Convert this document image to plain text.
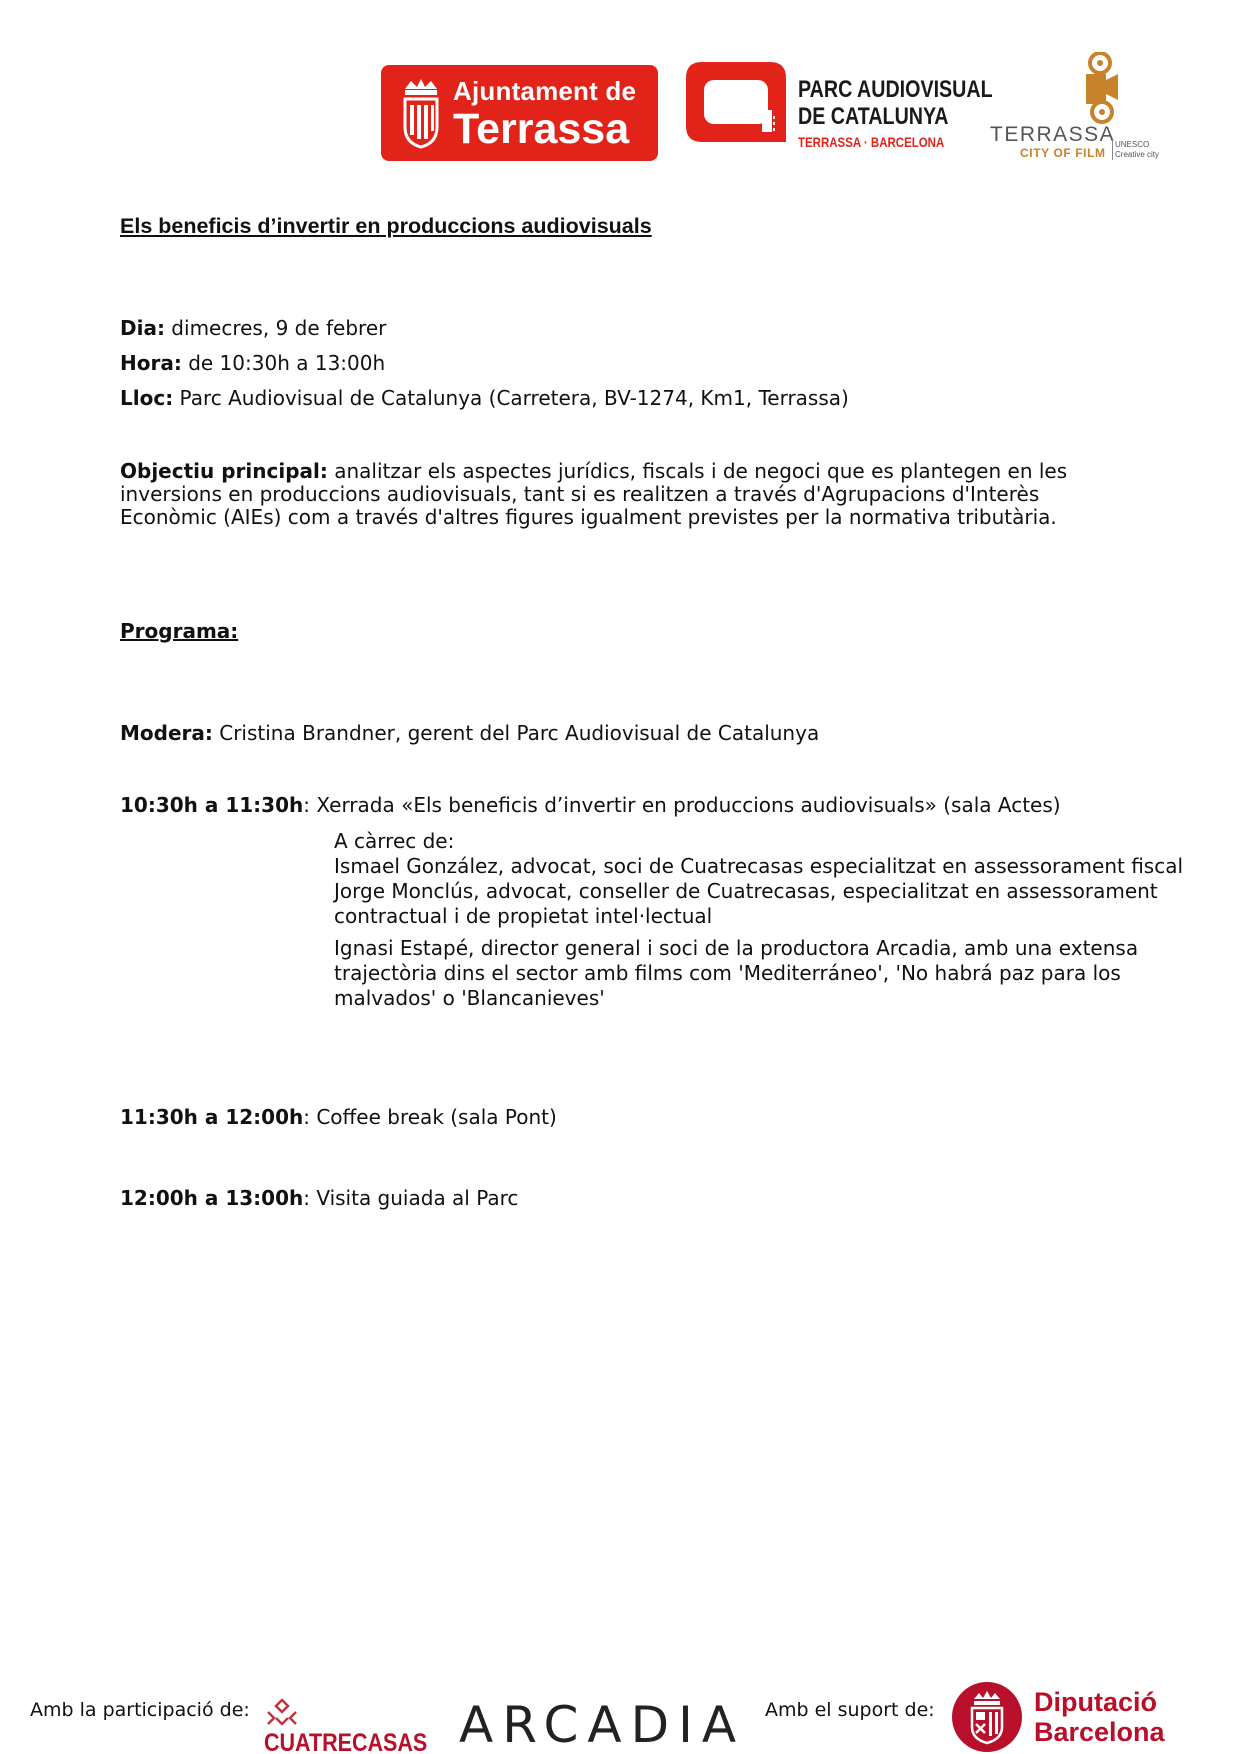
Ajuntament de
Terrassa
PARC AUDIOVISUAL
DE CATALUNYA
TERRASSA · BARCELONA TERRASSA
CITY OF FILM
UNESCO Creative city
Els beneficis d’invertir en produccions audiovisuals
Dia: dimecres, 9 de febrer
Hora: de 10:30h a 13:00h
Lloc: Parc Audiovisual de Catalunya (Carretera, BV-1274, Km1, Terrassa)
Objectiu principal: analitzar els aspectes jurídics, fiscals i de negoci que es plantegen en les inversions en produccions audiovisuals, tant si es realitzen a través d'Agrupacions d'Interès Econòmic (AIEs) com a través d'altres figures igualment previstes per la normativa tributària.
Programa:
Modera: Cristina Brandner, gerent del Parc Audiovisual de Catalunya
10:30h a 11:30h: Xerrada «Els beneficis d’invertir en produccions audiovisuals» (sala Actes)

A càrrec de:

Ismael González, advocat, soci de Cuatrecasas especialitzat en assessorament fiscal

Jorge Monclús, advocat, conseller de Cuatrecasas, especialitzat en assessorament contractual i de propietat intel·lectual

Ignasi Estapé, director general i soci de la productora Arcadia, amb una extensa trajectòria dins el sector amb films com 'Mediterráneo', 'No habrá paz para los malvados' o 'Blancanieves'

11:30h a 12:00h: Coffee break (sala Pont)
12:00h a 13:00h: Visita guiada al Parc
Amb la participació de:
CUATRECASAS ARCADIA Amb el suport de:	Diputació
Barcelona
